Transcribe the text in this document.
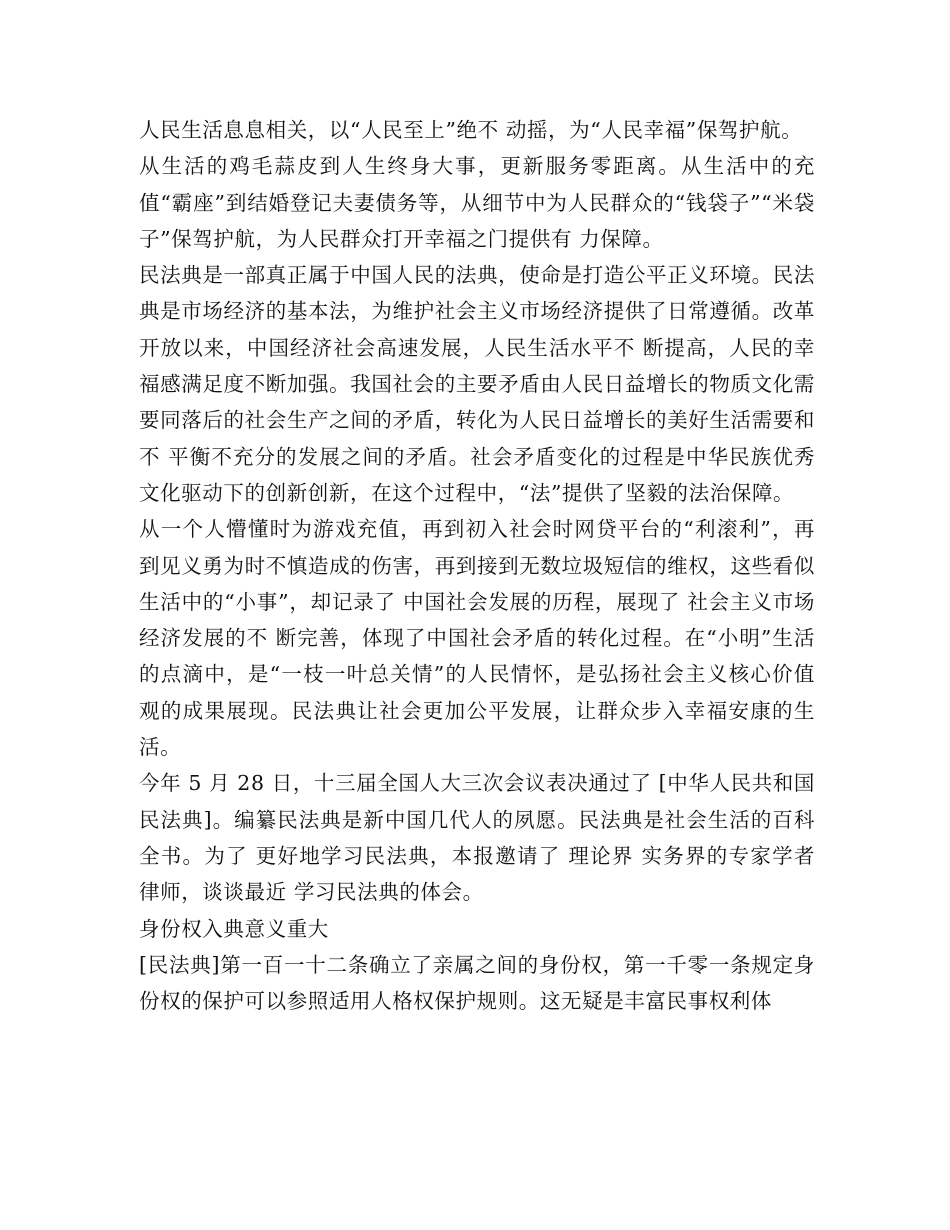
人民生活息息相关，以“人民至上”绝不 动摇，为“人民幸福”保驾护航。

从生活的鸡毛蒜皮到人生终身大事，更新服务零距离。从生活中的充值“霸座”到结婚登记夫妻债务等，从细节中为人民群众的“钱袋子”“米袋子”保驾护航，为人民群众打开幸福之门提供有 力保障。

民法典是一部真正属于中国人民的法典，使命是打造公平正义环境。民法典是市场经济的基本法，为维护社会主义市场经济提供了日常遵循。改革开放以来，中国经济社会高速发展，人民生活水平不 断提高，人民的幸福感满足度不断加强。我国社会的主要矛盾由人民日益增长的物质文化需要同落后的社会生产之间的矛盾，转化为人民日益增长的美好生活需要和不 平衡不充分的发展之间的矛盾。社会矛盾变化的过程是中华民族优秀文化驱动下的创新创新，在这个过程中，“法”提供了坚毅的法治保障。

从一个人懵懂时为游戏充值，再到初入社会时网贷平台的“利滚利”，再到见义勇为时不慎造成的伤害，再到接到无数垃圾短信的维权，这些看似生活中的“小事”，却记录了 中国社会发展的历程，展现了 社会主义市场经济发展的不 断完善，体现了中国社会矛盾的转化过程。在“小明”生活的点滴中，是“一枝一叶总关情”的人民情怀，是弘扬社会主义核心价值观的成果展现。民法典让社会更加公平发展，让群众步入幸福安康的生活。

今年 5 月 28 日，十三届全国人大三次会议表决通过了 [中华人民共和国民法典]。编纂民法典是新中国几代人的夙愿。民法典是社会生活的百科全书。为了 更好地学习民法典，本报邀请了 理论界 实务界的专家学者 律师，谈谈最近 学习民法典的体会。

身份权入典意义重大

[民法典]第一百一十二条确立了亲属之间的身份权，第一千零一条规定身份权的保护可以参照适用人格权保护规则。这无疑是丰富民事权利体
